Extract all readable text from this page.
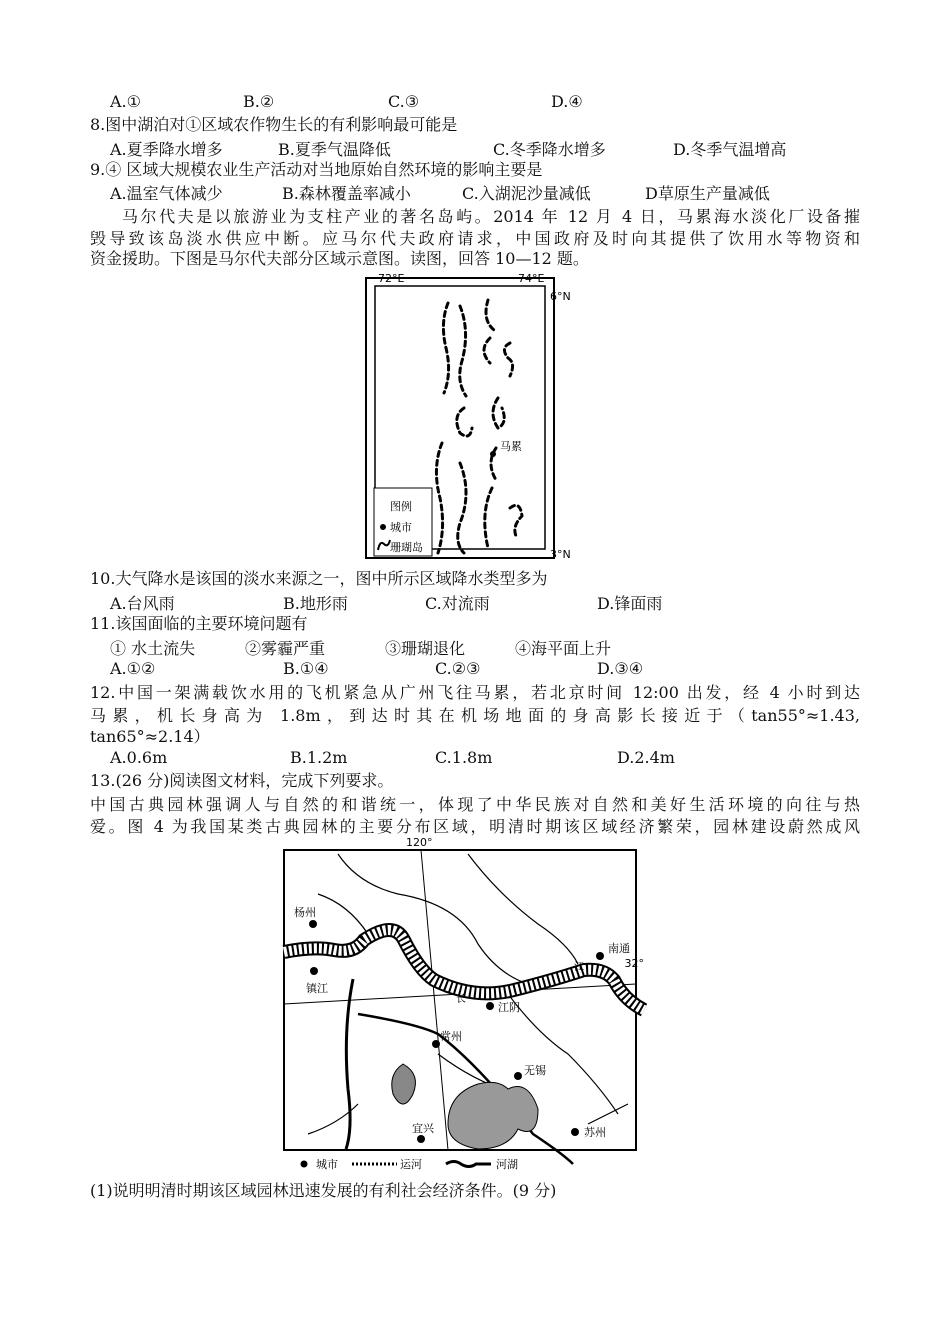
A.①	B.②	C.③	D.④
8.图中湖泊对①区域农作物生长的有利影响最可能是
A.夏季降水增多	B.夏季气温降低	C.冬季降水增多	D.冬季气温增高
9.④ 区域大规模农业生产活动对当地原始自然环境的影响主要是
A.温室气体减少	B.森林覆盖率减小	C.入湖泥沙量减低	D草原生产量减低
马尔代夫是以旅游业为支柱产业的著名岛屿。2014 年 12 月 4 日，马累海水淡化厂设备摧
毁导致该岛淡水供应中断。应马尔代夫政府请求，中国政府及时向其提供了饮用水等物资和
资金援助。下图是马尔代夫部分区域示意图。读图，回答 10—12 题。
72°E	74°E
6°N
3°N
马累
图例
城市
珊瑚岛
10.大气降水是该国的淡水来源之一，图中所示区域降水类型多为
A.台风雨	B.地形雨	C.对流雨	D.锋面雨
11.该国面临的主要环境问题有
① 水土流失	②雾霾严重	③珊瑚退化	④海平面上升
A.①②	B.①④	C.②③	D.③④
12.中国一架满载饮水用的飞机紧急从广州飞往马累，若北京时间 12:00 出发，经 4 小时到达
马累，机长身高为 1.8m，到达时其在机场地面的身高影长接近于（tan55°≈1.43,
tan65°≈2.14）
A.0.6m	B.1.2m	C.1.8m	D.2.4m
13.(26 分)阅读图文材料，完成下列要求。
中国古典园林强调人与自然的和谐统一，体现了中华民族对自然和美好生活环境的向往与热
爱。图 4 为我国某类古典园林的主要分布区域，明清时期该区域经济繁荣，园林建设蔚然成风
120°
32°
长
江
杨州
南通
镇江
江阴
常州
无锡
宜兴	苏州
城市	运河	河湖
(1)说明明清时期该区域园林迅速发展的有利社会经济条件。(9 分)
